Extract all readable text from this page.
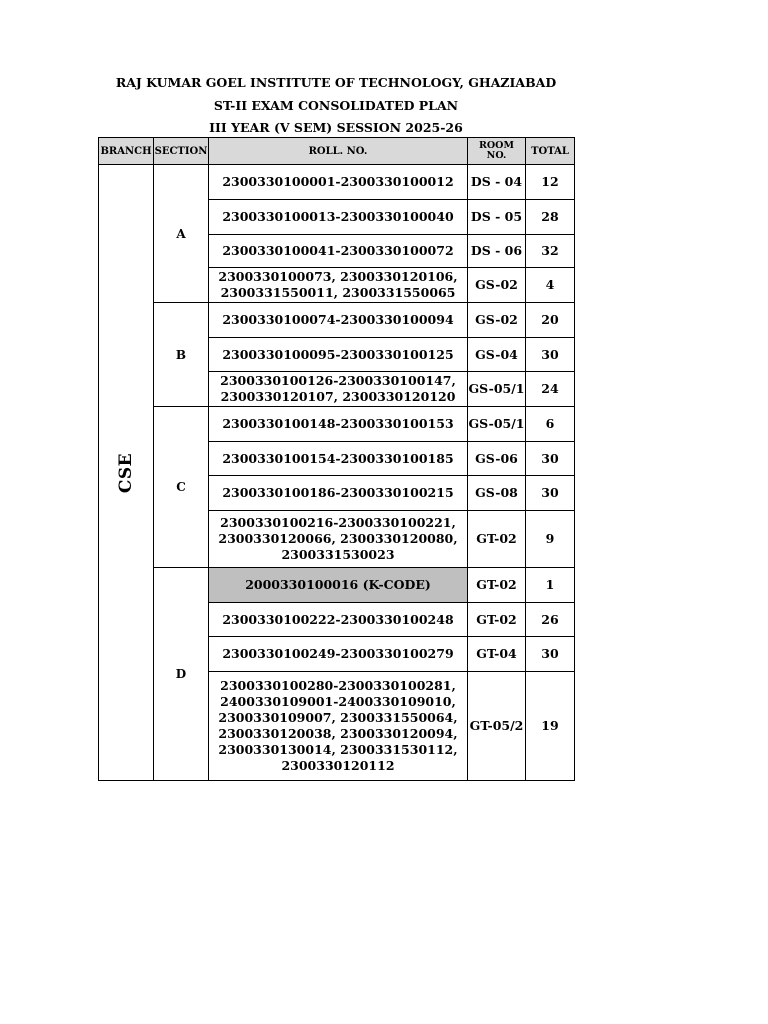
RAJ KUMAR GOEL INSTITUTE OF TECHNOLOGY, GHAZIABAD
ST-II EXAM CONSOLIDATED PLAN
III YEAR (V SEM) SESSION 2025-26
BRANCH	SECTION	ROLL. NO.	ROOM NO.	TOTAL
CSE	A	2300330100001-2300330100012	DS - 04	12
		2300330100013-2300330100040	DS - 05	28
		2300330100041-2300330100072	DS - 06	32
		2300330100073, 2300330120106, 2300331550011, 2300331550065	GS-02	4
	B	2300330100074-2300330100094	GS-02	20
		2300330100095-2300330100125	GS-04	30
		2300330100126-2300330100147, 2300330120107, 2300330120120	GS-05/1	24
	C	2300330100148-2300330100153	GS-05/1	6
		2300330100154-2300330100185	GS-06	30
		2300330100186-2300330100215	GS-08	30
		2300330100216-2300330100221, 2300330120066, 2300330120080, 2300331530023	GT-02	9
	D	2000330100016 (K-CODE)	GT-02	1
		2300330100222-2300330100248	GT-02	26
		2300330100249-2300330100279	GT-04	30
		2300330100280-2300330100281, 2400330109001-2400330109010, 2300330109007, 2300331550064, 2300330120038, 2300330120094, 2300330130014, 2300331530112, 2300330120112	GT-05/2	19
